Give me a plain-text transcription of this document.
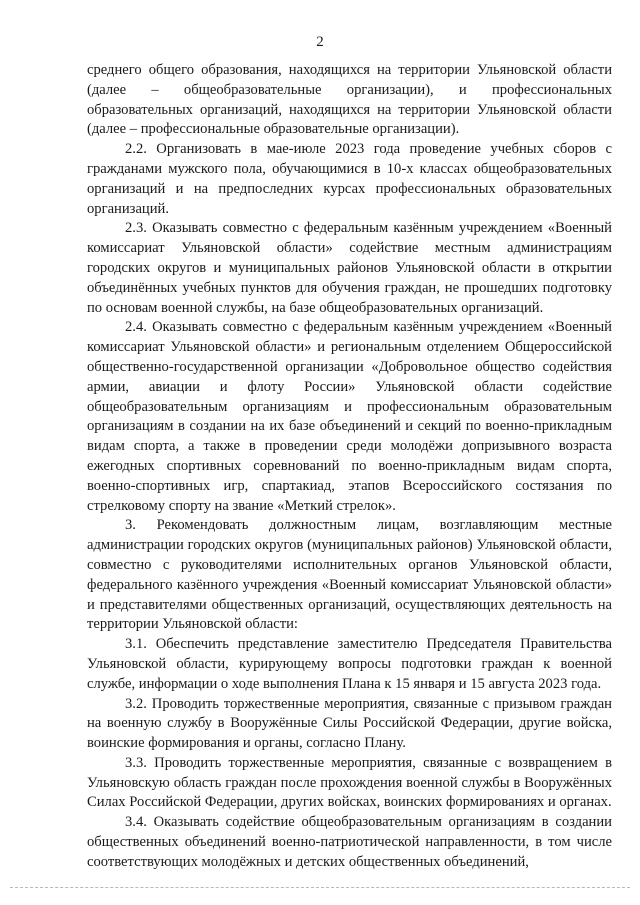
2

среднего общего образования, находящихся на территории Ульяновской области (далее – общеобразовательные организации), и профессиональных образовательных организаций, находящихся на территории Ульяновской области (далее – профессиональные образовательные организации).

2.2. Организовать в мае-июле 2023 года проведение учебных сборов с гражданами мужского пола, обучающимися в 10-х классах общеобразовательных организаций и на предпоследних курсах профессиональных образовательных организаций.

2.3. Оказывать совместно с федеральным казённым учреждением «Военный комиссариат Ульяновской области» содействие местным администрациям городских округов и муниципальных районов Ульяновской области в открытии объединённых учебных пунктов для обучения граждан, не прошедших подготовку по основам военной службы, на базе общеобразовательных организаций.

2.4. Оказывать совместно с федеральным казённым учреждением «Военный комиссариат Ульяновской области» и региональным отделением Общероссийской общественно-государственной организации «Добровольное общество содействия армии, авиации и флоту России» Ульяновской области содействие общеобразовательным организациям и профессиональным образовательным организациям в создании на их базе объединений и секций по военно-прикладным видам спорта, а также в проведении среди молодёжи допризывного возраста ежегодных спортивных соревнований по военно-прикладным видам спорта, военно-спортивных игр, спартакиад, этапов Всероссийского состязания по стрелковому спорту на звание «Меткий стрелок».

3. Рекомендовать должностным лицам, возглавляющим местные администрации городских округов (муниципальных районов) Ульяновской области, совместно с руководителями исполнительных органов Ульяновской области, федерального казённого учреждения «Военный комиссариат Ульяновской области» и представителями общественных организаций, осуществляющих деятельность на территории Ульяновской области:

3.1. Обеспечить представление заместителю Председателя Правительства Ульяновской области, курирующему вопросы подготовки граждан к военной службе, информации о ходе выполнения Плана к 15 января и 15 августа 2023 года.

3.2. Проводить торжественные мероприятия, связанные с призывом граждан на военную службу в Вооружённые Силы Российской Федерации, другие войска, воинские формирования и органы, согласно Плану.

3.3. Проводить торжественные мероприятия, связанные с возвращением в Ульяновскую область граждан после прохождения военной службы в Вооружённых Силах Российской Федерации, других войсках, воинских формированиях и органах.

3.4. Оказывать содействие общеобразовательным организациям в создании общественных объединений военно-патриотической направленности, в том числе соответствующих молодёжных и детских общественных объединений,
